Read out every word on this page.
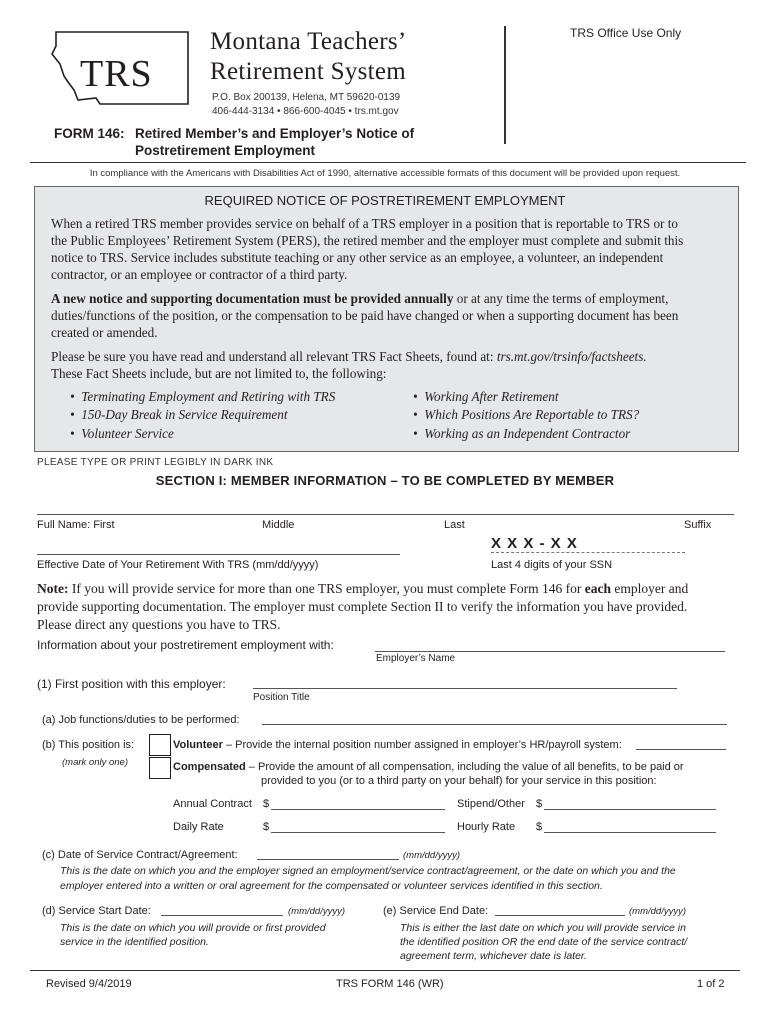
TRS
Montana Teachers’
Retirement System
P.O. Box 200139, Helena, MT 59620-0139
406-444-3134 • 866-600-4045 • trs.mt.gov
TRS Office Use Only
FORM 146: Retired Member’s and Employer’s Notice of
Postretirement Employment
In compliance with the Americans with Disabilities Act of 1990, alternative accessible formats of this document will be provided upon request.
REQUIRED NOTICE OF POSTRETIREMENT EMPLOYMENT
When a retired TRS member provides service on behalf of a TRS employer in a position that is reportable to TRS or to
the Public Employees’ Retirement System (PERS), the retired member and the employer must complete and submit this
notice to TRS. Service includes substitute teaching or any other service as an employee, a volunteer, an independent
contractor, or an employee or contractor of a third party.
A new notice and supporting documentation must be provided annually or at any time the terms of employment,
duties/functions of the position, or the compensation to be paid have changed or when a supporting document has been
created or amended.
Please be sure you have read and understand all relevant TRS Fact Sheets, found at: trs.mt.gov/trsinfo/factsheets.
These Fact Sheets include, but are not limited to, the following:
•  Terminating Employment and Retiring with TRS
•  150-Day Break in Service Requirement
•  Volunteer Service
•  Working After Retirement
•  Which Positions Are Reportable to TRS?
•  Working as an Independent Contractor
PLEASE TYPE OR PRINT LEGIBLY IN DARK INK
SECTION I: MEMBER INFORMATION – TO BE COMPLETED BY MEMBER
Full Name: First	Middle	Last	Suffix
Effective Date of Your Retirement With TRS (mm/dd/yyyy)
X X X - X X
Last 4 digits of your SSN
Note: If you will provide service for more than one TRS employer, you must complete Form 146 for each employer and
provide supporting documentation. The employer must complete Section II to verify the information you have provided.
Please direct any questions you have to TRS.
Information about your postretirement employment with:
Employer’s Name
(1) First position with this employer:
Position Title
(a) Job functions/duties to be performed:
(b) This position is:
(mark only one)
Volunteer – Provide the internal position number assigned in employer’s HR/payroll system:
Compensated – Provide the amount of all compensation, including the value of all benefits, to be paid or
provided to you (or to a third party on your behalf) for your service in this position:
Annual Contract $	Stipend/Other $
Daily Rate	$	Hourly Rate $
(c) Date of Service Contract/Agreement:	(mm/dd/yyyy)
This is the date on which you and the employer signed an employment/service contract/agreement, or the date on which you and the
employer entered into a written or oral agreement for the compensated or volunteer services identified in this section.
(d) Service Start Date:	(mm/dd/yyyy)
This is the date on which you will provide or first provided
service in the identified position.
(e) Service End Date:	(mm/dd/yyyy)
This is either the last date on which you will provide service in
the identified position OR the end date of the service contract/
agreement term, whichever date is later.
Revised 9/4/2019	TRS FORM 146 (WR)	1 of 2
